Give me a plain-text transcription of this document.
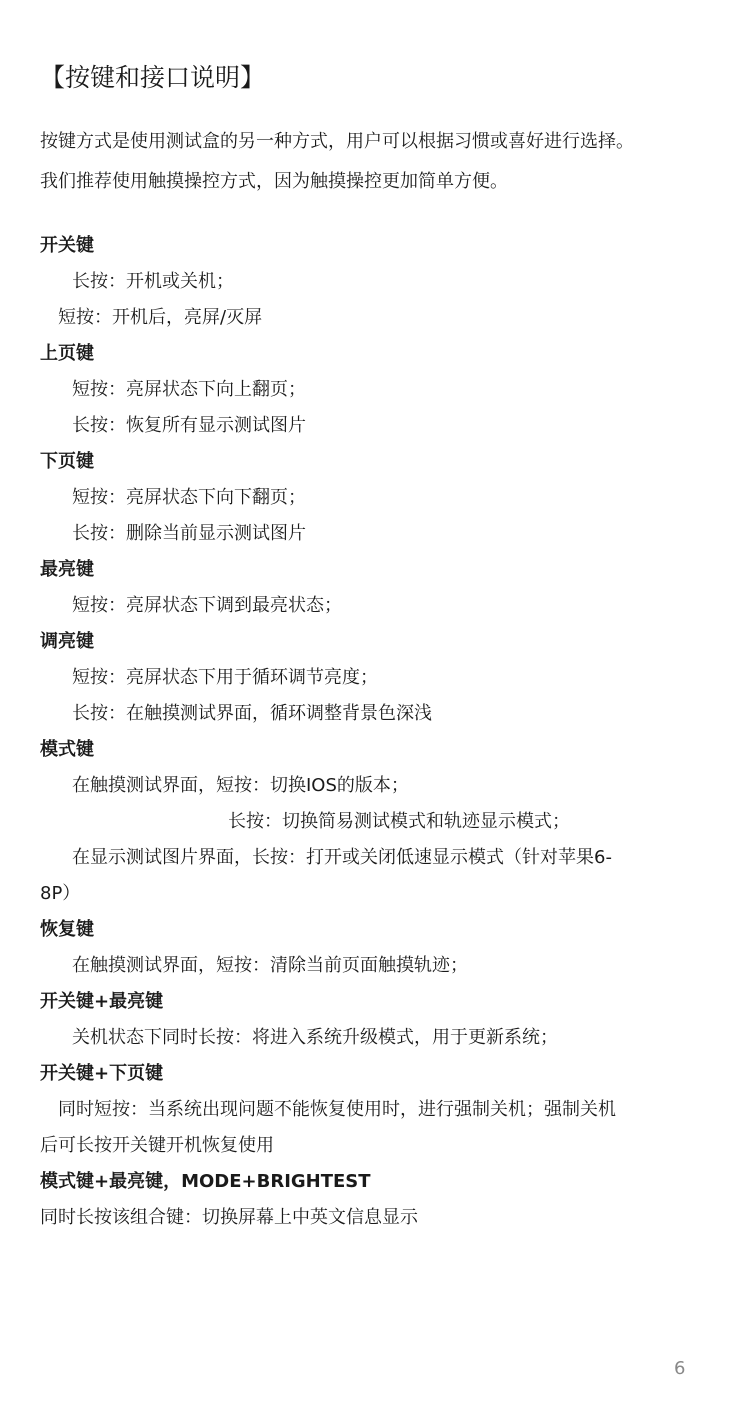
【按键和接口说明】
按键方式是使用测试盒的另一种方式，用户可以根据习惯或喜好进行选择。
我们推荐使用触摸操控方式，因为触摸操控更加简单方便。
开关键
长按：开机或关机；
短按：开机后，亮屏/灭屏
上页键
短按：亮屏状态下向上翻页；
长按：恢复所有显示测试图片
下页键
短按：亮屏状态下向下翻页；
长按：删除当前显示测试图片
最亮键
短按：亮屏状态下调到最亮状态；
调亮键
短按：亮屏状态下用于循环调节亮度；
长按：在触摸测试界面，循环调整背景色深浅
模式键
在触摸测试界面，短按：切换IOS的版本；
长按：切换简易测试模式和轨迹显示模式；
在显示测试图片界面，长按：打开或关闭低速显示模式（针对苹果6-
8P）
恢复键
在触摸测试界面，短按：清除当前页面触摸轨迹；
开关键+最亮键
关机状态下同时长按：将进入系统升级模式，用于更新系统；
开关键+下页键
同时短按：当系统出现问题不能恢复使用时，进行强制关机；强制关机
后可长按开关键开机恢复使用
模式键+最亮键，MODE+BRIGHTEST
同时长按该组合键：切换屏幕上中英文信息显示
6
